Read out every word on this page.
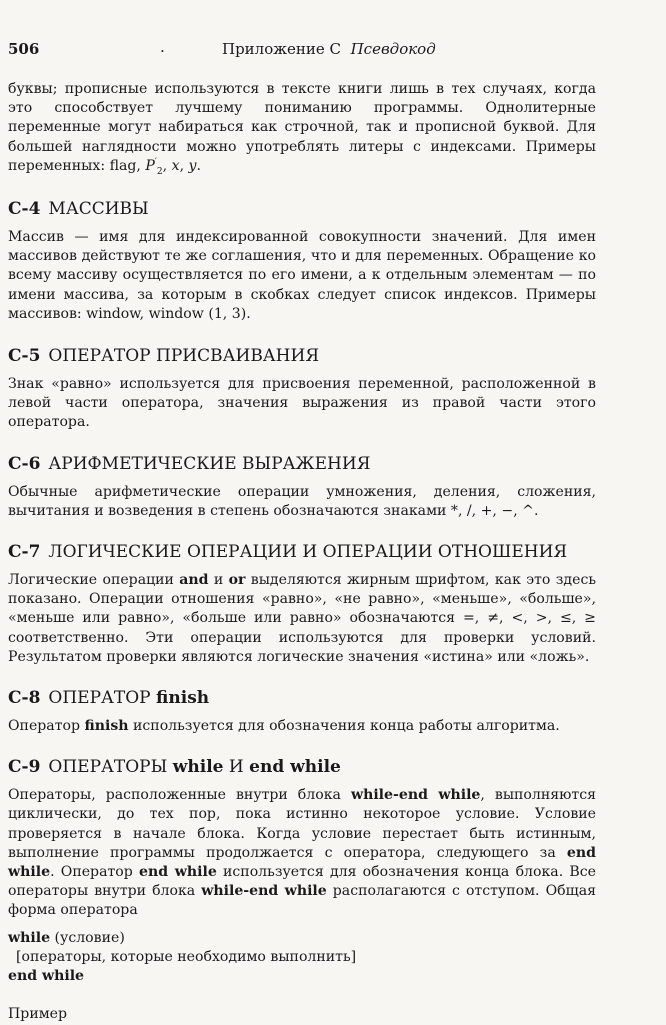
506	.	Приложение С Псевдокод

буквы; прописные используются в тексте книги лишь в тех случаях, когда это способствует лучшему пониманию программы. Однолитерные переменные могут набираться как строчной, так и прописной буквой. Для большей наглядности можно употреблять литеры с индексами. Примеры переменных: flag, $P'_2$, x, y.

С-4 МАССИВЫ

Массив — имя для индексированной совокупности значений. Для имен массивов действуют те же соглашения, что и для переменных. Обращение ко всему массиву осуществляется по его имени, а к отдельным элементам — по имени массива, за которым в скобках следует список индексов. Примеры массивов: window, window (1, 3).

С-5 ОПЕРАТОР ПРИСВАИВАНИЯ

Знак «равно» используется для присвоения переменной, расположенной в левой части оператора, значения выражения из правой части этого оператора.

С-6 АРИФМЕТИЧЕСКИЕ ВЫРАЖЕНИЯ

Обычные арифметические операции умножения, деления, сложения, вычитания и возведения в степень обозначаются знаками *, /, +, −, ^.

С-7 ЛОГИЧЕСКИЕ ОПЕРАЦИИ И ОПЕРАЦИИ ОТНОШЕНИЯ

Логические операции and и or выделяются жирным шрифтом, как это здесь показано. Операции отношения «равно», «не равно», «меньше», «больше», «меньше или равно», «больше или равно» обозначаются =, ≠, <, >, ≤, ≥ соответственно. Эти операции используются для проверки условий. Результатом проверки являются логические значения «истина» или «ложь».

С-8 ОПЕРАТОР finish

Оператор finish используется для обозначения конца работы алгоритма.

С-9 ОПЕРАТОРЫ while И end while

Операторы, расположенные внутри блока while-end while, выполняются циклически, до тех пор, пока истинно некоторое условие. Условие проверяется в начале блока. Когда условие перестает быть истинным, выполнение программы продолжается с оператора, следующего за end while. Оператор end while используется для обозначения конца блока. Все операторы внутри блока while-end while располагаются с отступом. Общая форма оператора

while (условие)
[операторы, которые необходимо выполнить]
end while

Пример
